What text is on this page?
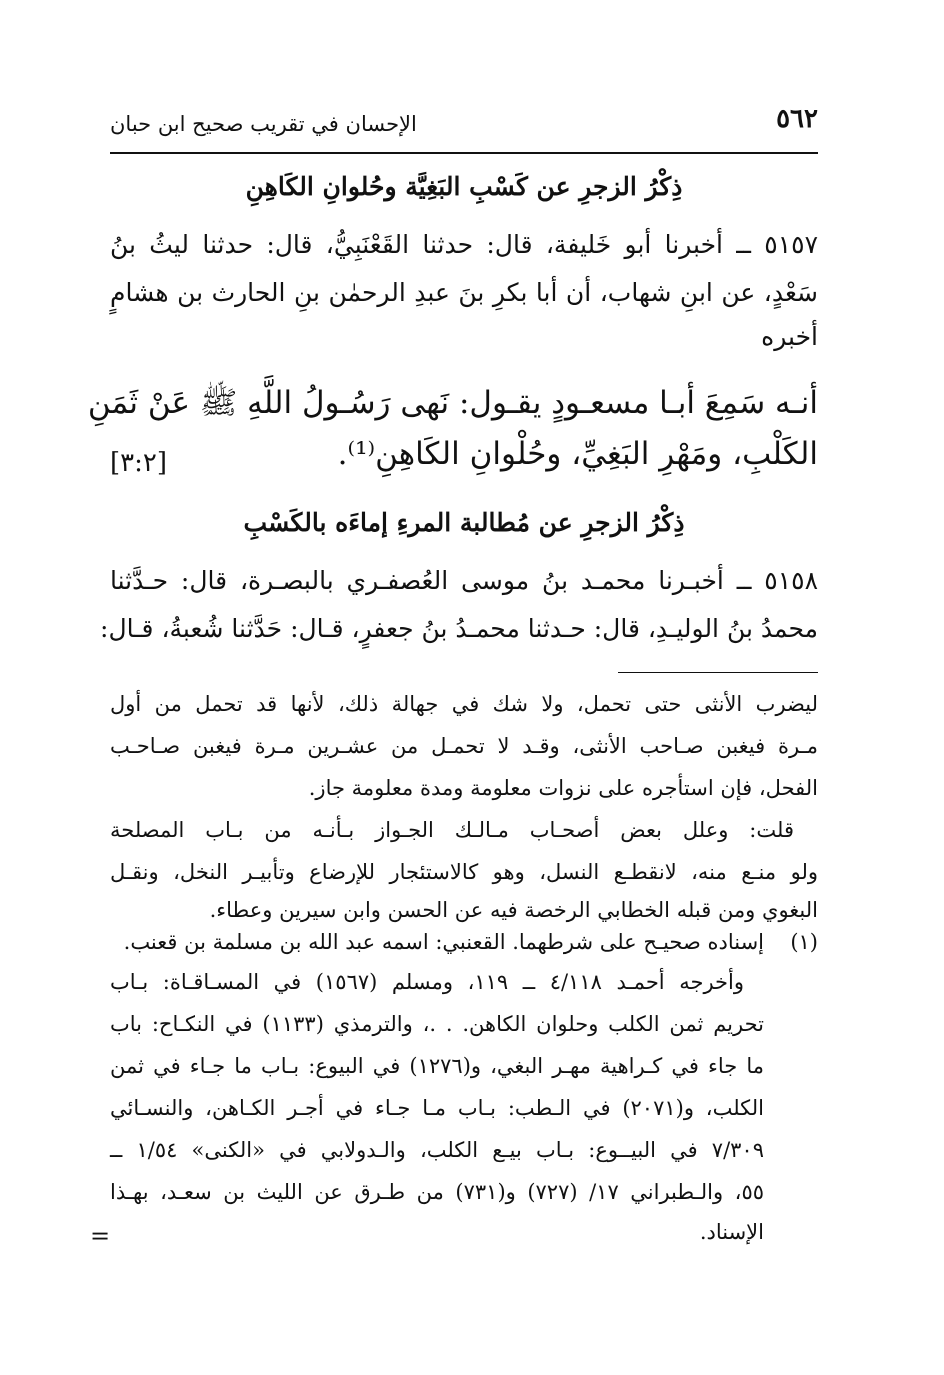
٥٦٢
الإحسان في تقريب صحيح ابن حبان
ذِكْرُ الزجرِ عن كَسْبِ البَغِيَّة وحُلوانِ الكَاهِنِ
٥١٥٧ ــ أخبرنا أبو خَليفة، قال: حدثنا القَعْنَبِيُّ، قال: حدثنا ليثُ بنُ
سَعْدٍ، عن ابنِ شهاب، أن أبا بكرِ بنَ عبدِ الرحمٰن بنِ الحارث بن هشامٍ
أخبره
أنـه سَمِعَ أبـا مسعـودٍ يقـول: نَهى رَسُـولُ اللَّهِ ﷺ عَنْ ثَمَنِ
الكَلْبِ، ومَهْرِ البَغِيِّ، وحُلْوانِ الكَاهِنِ⁽¹⁾.
[٣:٢]
ذِكْرُ الزجرِ عن مُطالبة المرءِ إماءَه بالكَسْبِ
٥١٥٨ ــ أخبـرنا محمـد بنُ موسى العُصفـري بالبصـرة، قال: حـدَّثنا
محمدُ بنُ الوليـدِ، قال: حـدثنا محمـدُ بنُ جعفرٍ، قـال: حَدَّثنا شُعبةُ، قـال:
ليضرب الأنثى حتى تحمل، ولا شك في جهالة ذلك، لأنها قد تحمل من أول
مـرة فيغبن صـاحب الأنثى، وقـد لا تحمـل من عشـرين مـرة فيغبن صـاحـب
الفحل، فإن استأجره على نزوات معلومة ومدة معلومة جاز.
قلت: وعلل بعض أصحـاب مـالـك الجـواز بـأنـه من بـاب المصلحة
ولو منـع منه، لانقطـع النسل، وهو كالاستئجار للإرضاع وتأبيـر النخل، ونقـل
البغوي ومن قبله الخطابي الرخصة فيه عن الحسن وابن سيرين وعطاء.
(١)
إسناده صحيـح على شرطهما. القعنبي: اسمه عبد الله بن مسلمة بن قعنب.
وأخرجه أحمـد ٤/١١٨ ــ ١١٩، ومسلم (١٥٦٧) في المسـاقـاة: بـاب
تحريم ثمن الكلب وحلوان الكاهن. . .، والترمذي (١١٣٣) في النكـاح: باب
ما جاء في كـراهية مهـر البغي، و(١٢٧٦) في البيوع: بـاب ما جـاء في ثمن
الكلب، و(٢٠٧١) في الـطب: بـاب مـا جـاء في أجـر الكـاهن، والنسـائي
٧/٣٠٩ في البيــوع: بـاب بيـع الكلب، والـدولابي في «الكنى» ١/٥٤ ــ
٥٥، والـطبراني ١٧/ (٧٢٧) و(٧٣١) من طـرق عن الليث بن سعـد، بهـذا
الإسناد.
=
